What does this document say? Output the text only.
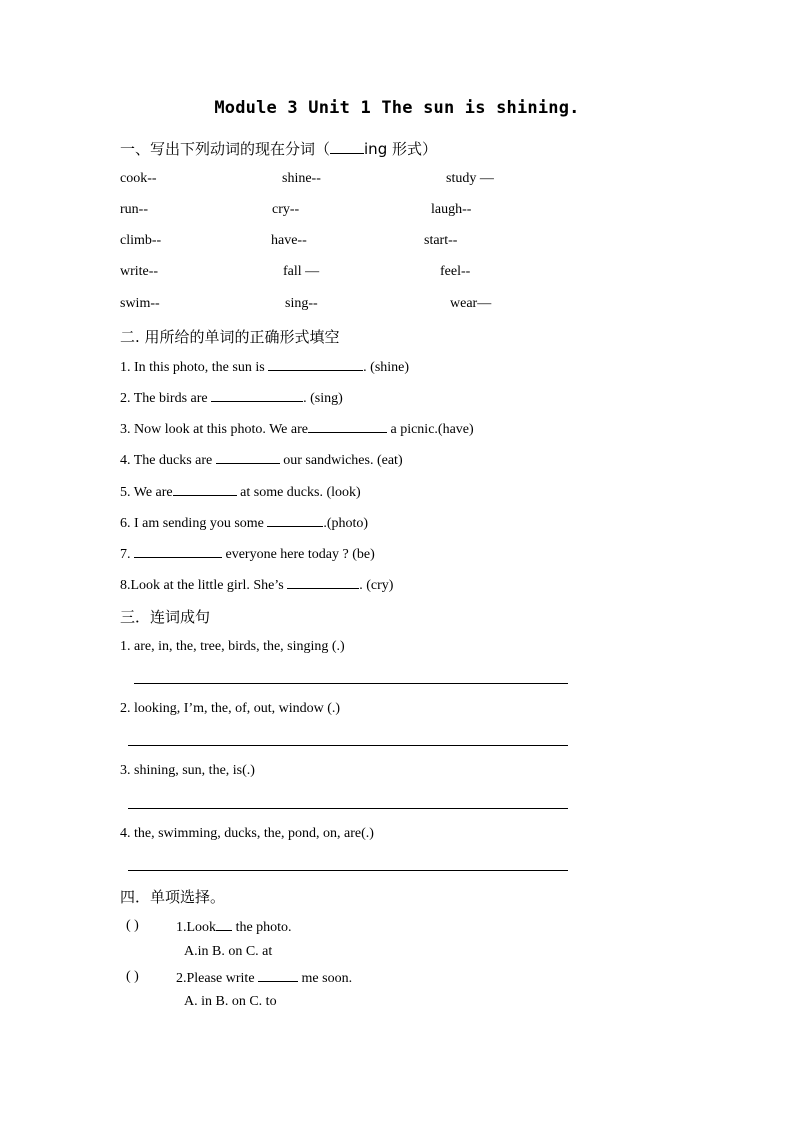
Module 3 Unit 1 The sun is shining.
一、写出下列动词的现在分词（ ing 形式）
cook--	shine--	study —
run--	cry--	laugh--
climb--	have--	start--
write--	fall —	feel--
swim--	sing--	wear—
二. 用所给的单词的正确形式填空
1. In this photo, the sun is	. (shine)
2. The birds are	. (sing)
3. Now look at this photo. We are	a picnic.(have)
4. The ducks are	our sandwiches. (eat)
5. We are	at some ducks. (look)
6. I am sending you some	.(photo)
7.	everyone here today ? (be)
8.Look at the little girl. She’s	. (cry)
三．连词成句
1. are, in, the, tree, birds, the, singing (.)
2. looking, I’m, the, of, out, window (.)
3. shining, sun, the, is(.)
4. the, swimming, ducks, the, pond, on, are(.)
四．单项选择。
( )	1.Look the photo.
A.in B. on C. at
( )	2.Please write	me soon.
A. in B. on C. to
